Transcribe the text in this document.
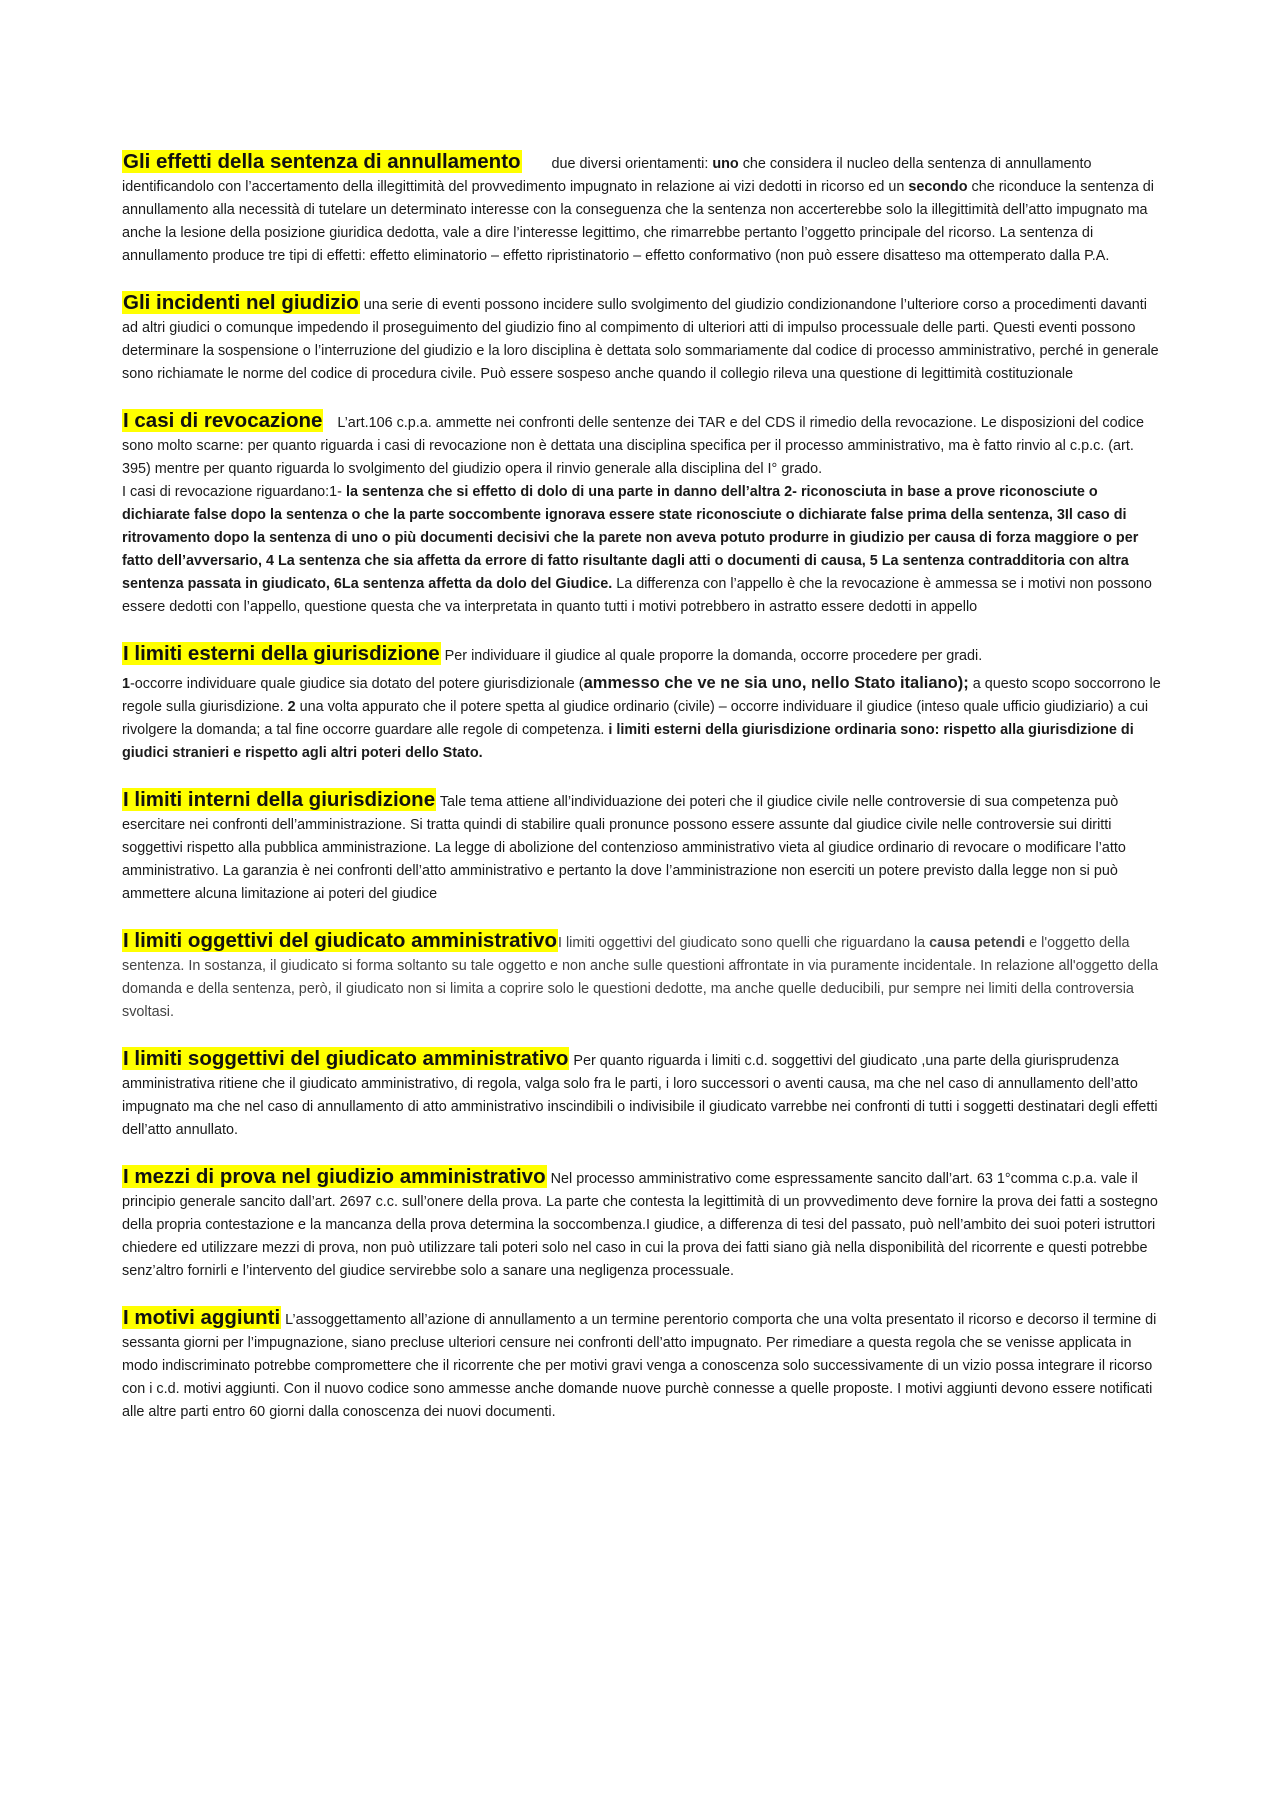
Gli effetti della sentenza di annullamento due diversi orientamenti: uno che considera il nucleo della sentenza di annullamento identificandolo con l’accertamento della illegittimità del provvedimento impugnato in relazione ai vizi dedotti in ricorso ed un secondo che riconduce la sentenza di annullamento alla necessità di tutelare un determinato interesse con la conseguenza che la sentenza non accerterebbe solo la illegittimità dell’atto impugnato ma anche la lesione della posizione giuridica dedotta, vale a dire l’interesse legittimo, che rimarrebbe pertanto l’oggetto principale del ricorso. La sentenza di annullamento produce tre tipi di effetti: effetto eliminatorio – effetto ripristinatorio – effetto conformativo (non può essere disatteso ma ottemperato dalla P.A.

Gli incidenti nel giudizio una serie di eventi possono incidere sullo svolgimento del giudizio condizionandone l’ulteriore corso a procedimenti davanti ad altri giudici o comunque impedendo il proseguimento del giudizio fino al compimento di ulteriori atti di impulso processuale delle parti. Questi eventi possono determinare la sospensione o l’interruzione del giudizio e la loro disciplina è dettata solo sommariamente dal codice di processo amministrativo, perché in generale sono richiamate le norme del codice di procedura civile. Può essere sospeso anche quando il collegio rileva una questione di legittimità costituzionale

I casi di revocazione L’art.106 c.p.a. ammette nei confronti delle sentenze dei TAR e del CDS il rimedio della revocazione. Le disposizioni del codice sono molto scarne: per quanto riguarda i casi di revocazione non è dettata una disciplina specifica per il processo amministrativo, ma è fatto rinvio al c.p.c. (art. 395) mentre per quanto riguarda lo svolgimento del giudizio opera il rinvio generale alla disciplina del I° grado.

I casi di revocazione riguardano:1- la sentenza che si effetto di dolo di una parte in danno dell’altra 2- riconosciuta in base a prove riconosciute o dichiarate false dopo la sentenza o che la parte soccombente ignorava essere state riconosciute o dichiarate false prima della sentenza, 3Il caso di ritrovamento dopo la sentenza di uno o più documenti decisivi che la parete non aveva potuto produrre in giudizio per causa di forza maggiore o per fatto dell’avversario, 4 La sentenza che sia affetta da errore di fatto risultante dagli atti o documenti di causa, 5 La sentenza contradditoria con altra sentenza passata in giudicato, 6La sentenza affetta da dolo del Giudice. La differenza con l’appello è che la revocazione è ammessa se i motivi non possono essere dedotti con l’appello, questione questa che va interpretata in quanto tutti i motivi potrebbero in astratto essere dedotti in appello

I limiti esterni della giurisdizione Per individuare il giudice al quale proporre la domanda, occorre procedere per gradi.

1-occorre individuare quale giudice sia dotato del potere giurisdizionale (ammesso che ve ne sia uno, nello Stato italiano); a questo scopo soccorrono le regole sulla giurisdizione. 2 una volta appurato che il potere spetta al giudice ordinario (civile) – occorre individuare il giudice (inteso quale ufficio giudiziario) a cui rivolgere la domanda; a tal fine occorre guardare alle regole di competenza. i limiti esterni della giurisdizione ordinaria sono: rispetto alla giurisdizione di giudici stranieri e rispetto agli altri poteri dello Stato.

I limiti interni della giurisdizione Tale tema attiene all’individuazione dei poteri che il giudice civile nelle controversie di sua competenza può esercitare nei confronti dell’amministrazione. Si tratta quindi di stabilire quali pronunce possono essere assunte dal giudice civile nelle controversie sui diritti soggettivi rispetto alla pubblica amministrazione. La legge di abolizione del contenzioso amministrativo vieta al giudice ordinario di revocare o modificare l’atto amministrativo. La garanzia è nei confronti dell’atto amministrativo e pertanto la dove l’amministrazione non eserciti un potere previsto dalla legge non si può ammettere alcuna limitazione ai poteri del giudice

I limiti oggettivi del giudicato amministrativoI limiti oggettivi del giudicato sono quelli che riguardano la causa petendi e l'oggetto della sentenza. In sostanza, il giudicato si forma soltanto su tale oggetto e non anche sulle questioni affrontate in via puramente incidentale. In relazione all'oggetto della domanda e della sentenza, però, il giudicato non si limita a coprire solo le questioni dedotte, ma anche quelle deducibili, pur sempre nei limiti della controversia svoltasi.

I limiti soggettivi del giudicato amministrativo Per quanto riguarda i limiti c.d. soggettivi del giudicato ,una parte della giurisprudenza amministrativa ritiene che il giudicato amministrativo, di regola, valga solo fra le parti, i loro successori o aventi causa, ma che nel caso di annullamento dell’atto impugnato ma che nel caso di annullamento di atto amministrativo inscindibili o indivisibile il giudicato varrebbe nei confronti di tutti i soggetti destinatari degli effetti dell’atto annullato.

I mezzi di prova nel giudizio amministrativo Nel processo amministrativo come espressamente sancito dall’art. 63 1°comma c.p.a. vale il principio generale sancito dall’art. 2697 c.c. sull’onere della prova. La parte che contesta la legittimità di un provvedimento deve fornire la prova dei fatti a sostegno della propria contestazione e la mancanza della prova determina la soccombenza.I giudice, a differenza di tesi del passato, può nell’ambito dei suoi poteri istruttori chiedere ed utilizzare mezzi di prova, non può utilizzare tali poteri solo nel caso in cui la prova dei fatti siano già nella disponibilità del ricorrente e questi potrebbe senz’altro fornirli e l’intervento del giudice servirebbe solo a sanare una negligenza processuale.

I motivi aggiunti L’assoggettamento all’azione di annullamento a un termine perentorio comporta che una volta presentato il ricorso e decorso il termine di sessanta giorni per l’impugnazione, siano precluse ulteriori censure nei confronti dell’atto impugnato. Per rimediare a questa regola che se venisse applicata in modo indiscriminato potrebbe compromettere che il ricorrente che per motivi gravi venga a conoscenza solo successivamente di un vizio possa integrare il ricorso con i c.d. motivi aggiunti. Con il nuovo codice sono ammesse anche domande nuove purchè connesse a quelle proposte. I motivi aggiunti devono essere notificati alle altre parti entro 60 giorni dalla conoscenza dei nuovi documenti.
